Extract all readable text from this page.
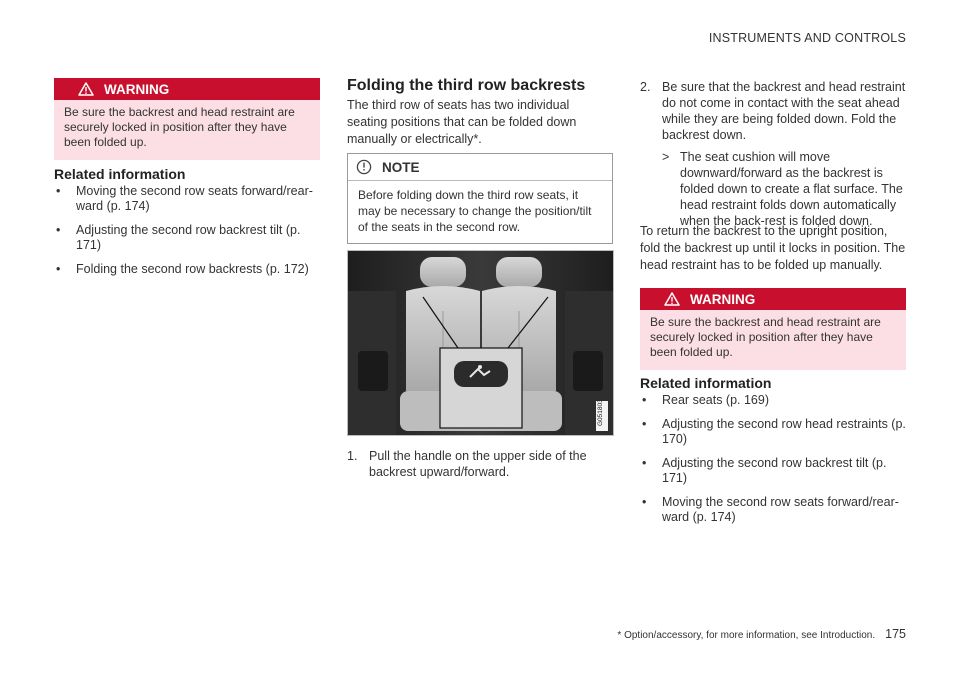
INSTRUMENTS AND CONTROLS
WARNING
Be sure the backrest and head restraint are securely locked in position after they have been folded up.
Related information
• Moving the second row seats forward/rear-ward (p. 174)
• Adjusting the second row backrest tilt (p. 171)
• Folding the second row backrests (p. 172)
Folding the third row backrests

The third row of seats has two individual seating positions that can be folded down manually or electrically*.

NOTE
Before folding down the third row seats, it may be necessary to change the position/tilt of the seats in the second row.
G051803
1. Pull the handle on the upper side of the backrest upward/forward.
2. Be sure that the backrest and head restraint do not come in contact with the seat ahead while they are being folded down. Fold the backrest down.
> The seat cushion will move downward/forward as the backrest is folded down to create a flat surface. The head restraint folds down automatically when the back-rest is folded down.

To return the backrest to the upright position, fold the backrest up until it locks in position. The head restraint has to be folded up manually.

WARNING
Be sure the backrest and head restraint are securely locked in position after they have been folded up.
Related information
• Rear seats (p. 169)
• Adjusting the second row head restraints (p. 170)
• Adjusting the second row backrest tilt (p. 171)
• Moving the second row seats forward/rear-ward (p. 174)
* Option/accessory, for more information, see Introduction. 175
